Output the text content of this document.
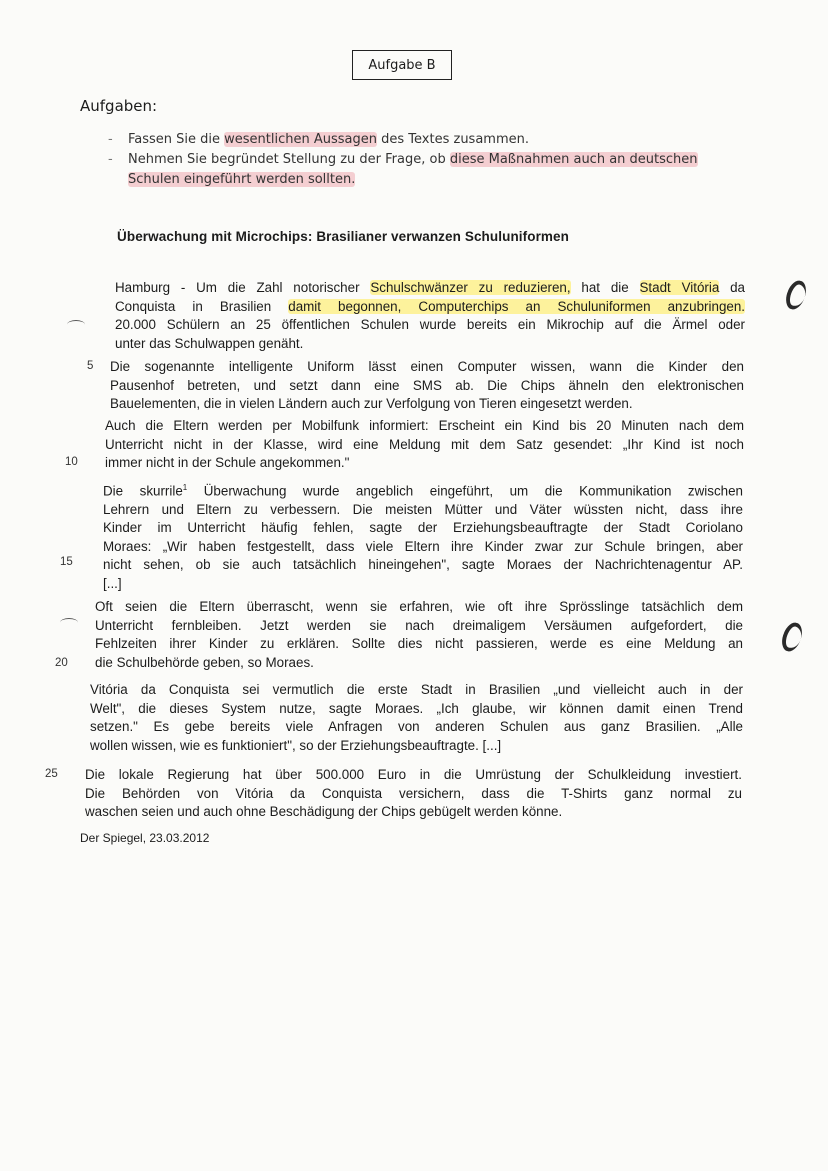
Aufgabe B
Aufgaben:
- Fassen Sie die wesentlichen Aussagen des Textes zusammen.
- Nehmen Sie begründet Stellung zu der Frage, ob diese Maßnahmen auch an deutschen
Schulen eingeführt werden sollten.
Überwachung mit Microchips: Brasilianer verwanzen Schuluniformen
Hamburg - Um die Zahl notorischer Schulschwänzer zu reduzieren, hat die Stadt Vitória da
Conquista in Brasilien damit begonnen, Computerchips an Schuluniformen anzubringen.
20.000 Schülern an 25 öffentlichen Schulen wurde bereits ein Mikrochip auf die Ärmel oder
unter das Schulwappen genäht.
Die sogenannte intelligente Uniform lässt einen Computer wissen, wann die Kinder den
Pausenhof betreten, und setzt dann eine SMS ab. Die Chips ähneln den elektronischen
Bauelementen, die in vielen Ländern auch zur Verfolgung von Tieren eingesetzt werden.
Auch die Eltern werden per Mobilfunk informiert: Erscheint ein Kind bis 20 Minuten nach dem
Unterricht nicht in der Klasse, wird eine Meldung mit dem Satz gesendet: „Ihr Kind ist noch
immer nicht in der Schule angekommen."
Die skurrile$^1$ Überwachung wurde angeblich eingeführt, um die Kommunikation zwischen
Lehrern und Eltern zu verbessern. Die meisten Mütter und Väter wüssten nicht, dass ihre
Kinder im Unterricht häufig fehlen, sagte der Erziehungsbeauftragte der Stadt Coriolano
Moraes: „Wir haben festgestellt, dass viele Eltern ihre Kinder zwar zur Schule bringen, aber
nicht sehen, ob sie auch tatsächlich hineingehen", sagte Moraes der Nachrichtenagentur AP.
[...]
Oft seien die Eltern überrascht, wenn sie erfahren, wie oft ihre Sprösslinge tatsächlich dem
Unterricht fernbleiben. Jetzt werden sie nach dreimaligem Versäumen aufgefordert, die
Fehlzeiten ihrer Kinder zu erklären. Sollte dies nicht passieren, werde es eine Meldung an
die Schulbehörde geben, so Moraes.
Vitória da Conquista sei vermutlich die erste Stadt in Brasilien „und vielleicht auch in der
Welt", die dieses System nutze, sagte Moraes. „Ich glaube, wir können damit einen Trend
setzen." Es gebe bereits viele Anfragen von anderen Schulen aus ganz Brasilien. „Alle
wollen wissen, wie es funktioniert", so der Erziehungsbeauftragte. [...]
Die lokale Regierung hat über 500.000 Euro in die Umrüstung der Schulkleidung investiert.
Die Behörden von Vitória da Conquista versichern, dass die T-Shirts ganz normal zu
waschen seien und auch ohne Beschädigung der Chips gebügelt werden könne.
Der Spiegel, 23.03.2012
5
10
15
20
25
